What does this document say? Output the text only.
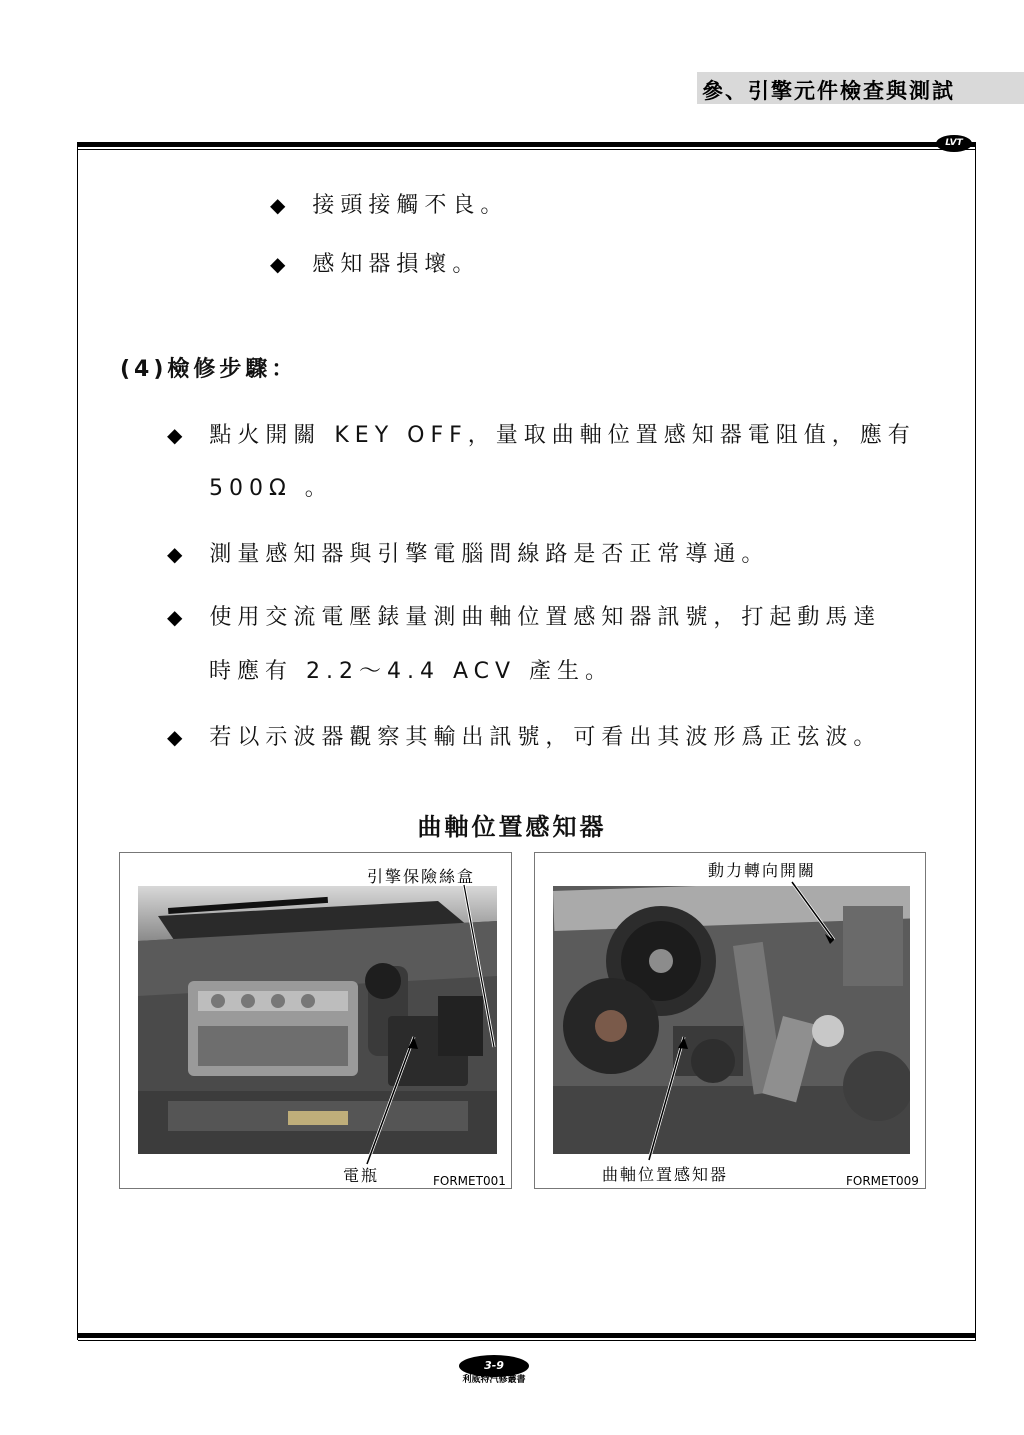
參、引擎元件檢查與測試
LVT
◆ 接頭接觸不良。
◆ 感知器損壞。
(4)檢修步驟：
◆ 點火開關 KEY OFF，量取曲軸位置感知器電阻值，應有
500Ω 。
◆ 測量感知器與引擎電腦間線路是否正常導通。
◆ 使用交流電壓錶量測曲軸位置感知器訊號，打起動馬達
時應有 2.2～4.4 ACV 產生。
◆ 若以示波器觀察其輸出訊號，可看出其波形爲正弦波。
曲軸位置感知器
引擎保險絲盒
電瓶	FORMET001
動力轉向開關
曲軸位置感知器	FORMET009
3-9
利威特汽修叢書
